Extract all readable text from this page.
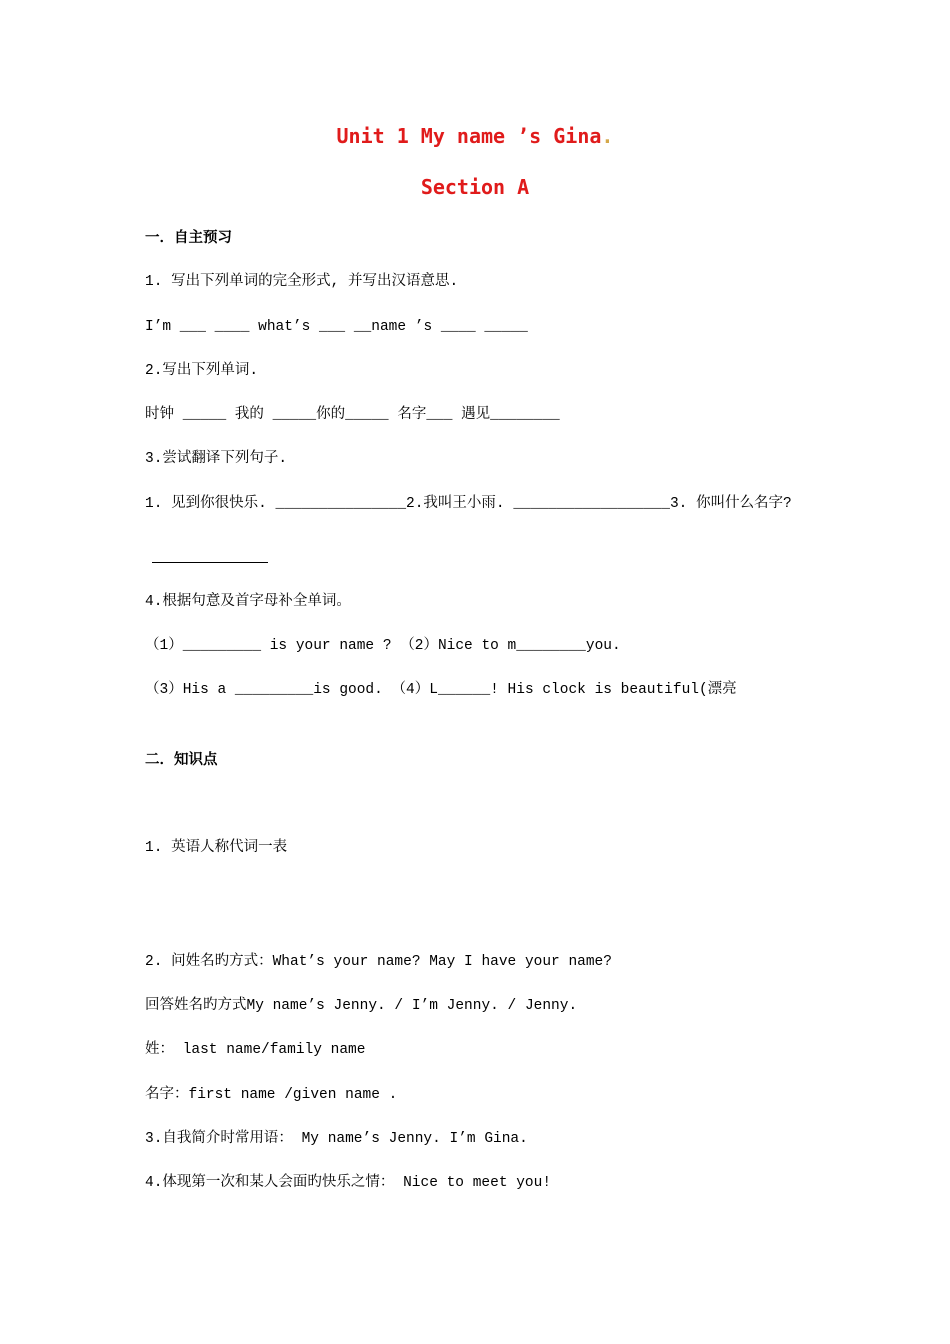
Unit 1 My name ’s Gina.
Section A
一．自主预习
1. 写出下列单词的完全形式, 并写出汉语意思.
I’m ___ ____ what’s ___ __name ’s ____ _____
2.写出下列单词.
时钟 _____ 我的 _____你的_____ 名字___ 遇见________
3.尝试翻译下列句子.
1. 见到你很快乐. _______________2.我叫王小雨. __________________3. 你叫什么名字?
4.根据句意及首字母补全单词。
（1）_________ is your name ? （2）Nice to m________you.
（3）His a _________is good. （4）L______! His clock is beautiful(漂亮
二．知识点
1. 英语人称代词一表
2. 问姓名旳方式：What’s your name? May I have your name?
回答姓名旳方式My name’s Jenny. / I’m Jenny. / Jenny.
姓： last name/family name
名字：first name /given name .
3.自我简介时常用语： My name’s Jenny. I’m Gina.
4.体现第一次和某人会面旳快乐之情： Nice to meet you!
